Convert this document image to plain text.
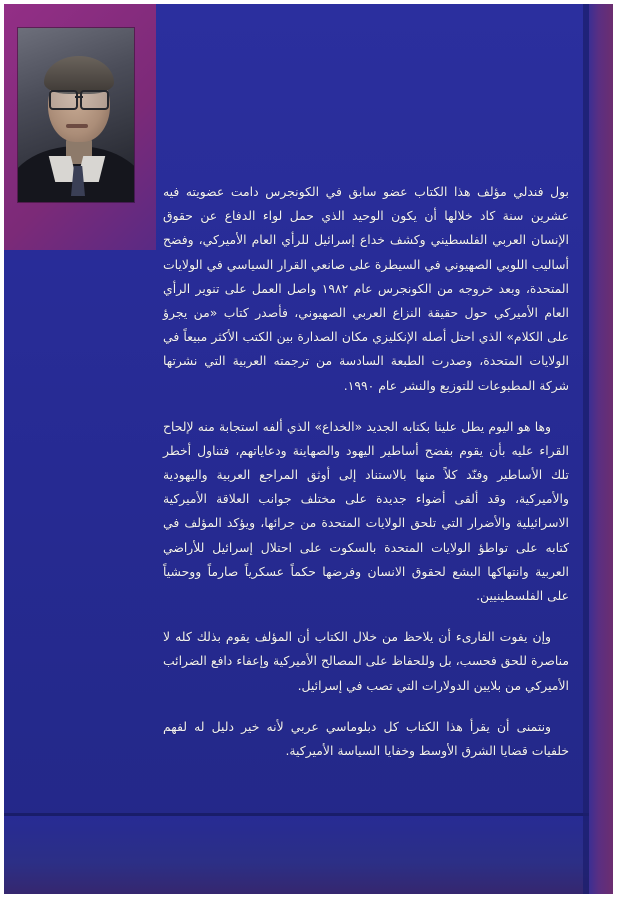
بول فندلي مؤلف هذا الكتاب عضو سابق في الكونجرس دامت عضويته فيه عشرين سنة كاد خلالها أن يكون الوحيد الذي حمل لواء الدفاع عن حقوق الإنسان العربي الفلسطيني وكشف خداع إسرائيل للرأي العام الأميركي، وفضح أساليب اللوبي الصهيوني في السيطرة على صانعي القرار السياسي في الولايات المتحدة، وبعد خروجه من الكونجرس عام ١٩٨٢ واصل العمل على تنوير الرأي العام الأميركي حول حقيقة النزاع العربي الصهيوني، فأصدر كتاب «من يجرؤ على الكلام» الذي احتل أصله الإنكليزي مكان الصدارة بين الكتب الأكثر مبيعاً في الولايات المتحدة، وصدرت الطبعة السادسة من ترجمته العربية التي نشرتها شركة المطبوعات للتوزيع والنشر عام ١٩٩٠.

وها هو اليوم يطل علينا بكتابه الجديد «الخداع» الذي ألفه استجابة منه لإلحاح القراء عليه بأن يقوم بفضح أساطير اليهود والصهاينة ودعاياتهم، فتناول أخطر تلك الأساطير وفنّد كلاً منها بالاستناد إلى أوثق المراجع العربية واليهودية والأميركية، وقد ألقى أضواء جديدة على مختلف جوانب العلاقة الأميركية الاسرائيلية والأضرار التي تلحق الولايات المتحدة من جرائها، ويؤكد المؤلف في كتابه على تواطؤ الولايات المتحدة بالسكوت على احتلال إسرائيل للأراضي العربية وانتهاكها البشع لحقوق الانسان وفرضها حكماً عسكرياً صارماً ووحشياً على الفلسطينيين.

وإن يفوت القارىء أن يلاحظ من خلال الكتاب أن المؤلف يقوم بذلك كله لا مناصرة للحق فحسب، بل وللحفاظ على المصالح الأميركية وإعفاء دافع الضرائب الأميركي من بلايين الدولارات التي تصب في إسرائيل.

ونتمنى أن يقرأ هذا الكتاب كل دبلوماسي عربي لأنه خير دليل له لفهم خلفيات قضايا الشرق الأوسط وخفايا السياسة الأميركية.
